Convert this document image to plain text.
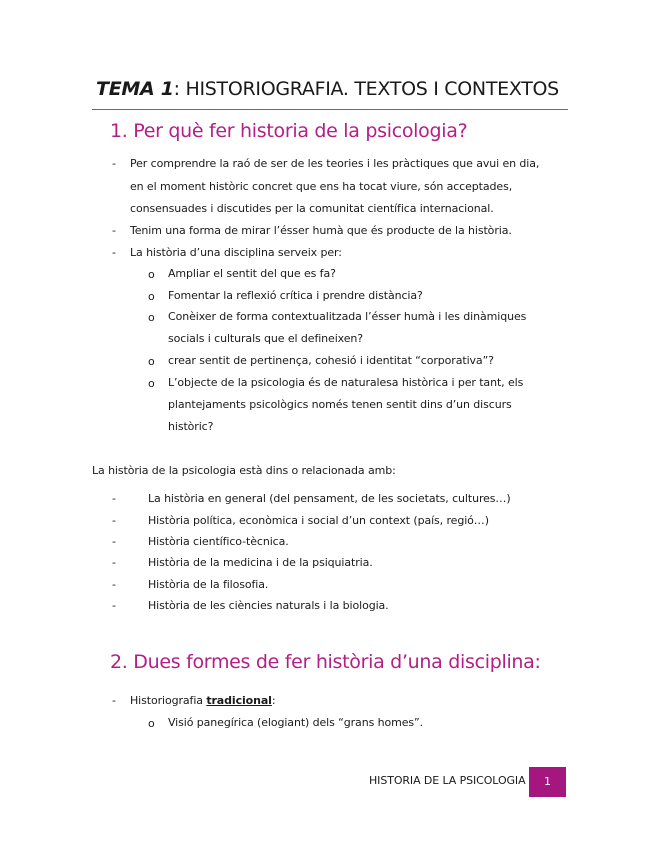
TEMA 1: HISTORIOGRAFIA. TEXTOS I CONTEXTOS
1. Per què fer historia de la psicologia?
- Per comprendre la raó de ser de les teories i les pràctiques que avui en dia,
en el moment històric concret que ens ha tocat viure, són acceptades,
consensuades i discutides per la comunitat científica internacional.
- Tenim una forma de mirar l’ésser humà que és producte de la història.
- La història d’una disciplina serveix per:
o Ampliar el sentit del que es fa?
o Fomentar la reflexió crítica i prendre distància?
o Conèixer de forma contextualitzada l’ésser humà i les dinàmiques
socials i culturals que el defineixen?
o crear sentit de pertinença, cohesió i identitat “corporativa”?
o L’objecte de la psicologia és de naturalesa històrica i per tant, els
plantejaments psicològics només tenen sentit dins d’un discurs
històric?
La història de la psicologia està dins o relacionada amb:
-	La història en general (del pensament, de les societats, cultures…)
-	Història política, econòmica i social d’un context (país, regió…)
-	Història científico-tècnica.
-	Història de la medicina i de la psiquiatria.
-	Història de la filosofia.
-	Història de les ciències naturals i la biologia.
2. Dues formes de fer història d’una disciplina:
- Historiografia tradicional:
o Visió panegírica (elogiant) dels “grans homes”.
HISTORIA DE LA PSICOLOGIA	1
